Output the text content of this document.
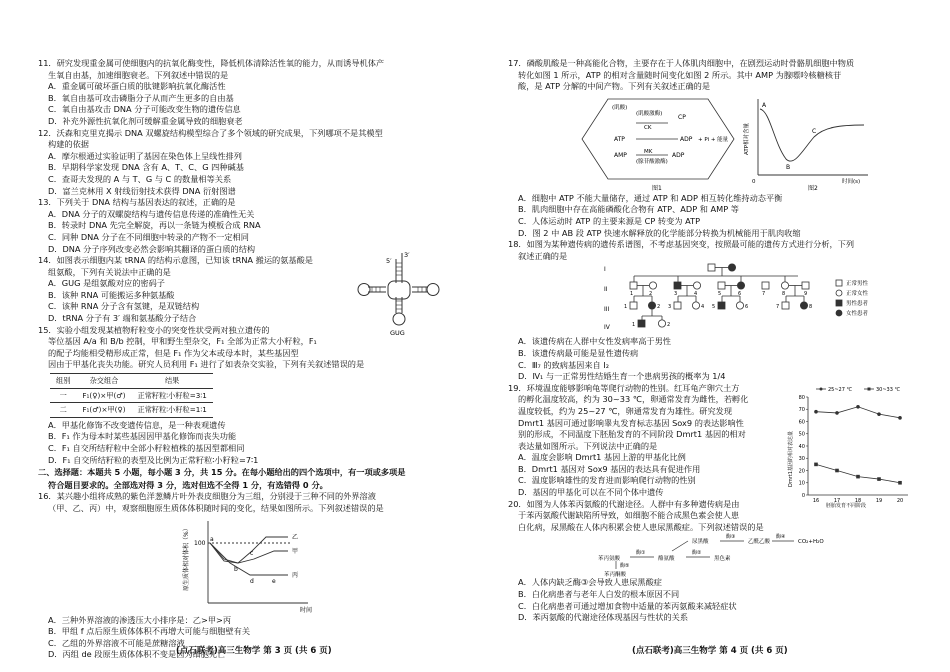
11．研究发现重金属可使细胞内的抗氧化酶变性，降低机体清除活性氧的能力，从而诱导机体产
生氧自由基，加速细胞衰老。下列叙述中错误的是
A．重金属可破坏蛋白质的肽键影响抗氧化酶活性
B．氧自由基可攻击磷脂分子从而产生更多的自由基
C．氧自由基攻击 DNA 分子可能改变生物的遗传信息
D．补充外源性抗氧化剂可缓解重金属导致的细胞衰老
12．沃森和克里克揭示 DNA 双螺旋结构模型综合了多个领域的研究成果，下列哪项不是其模型
构建的依据
A．摩尔根通过实验证明了基因在染色体上呈线性排列
B．早期科学家发现 DNA 含有 A、T、C、G 四种碱基
C．查哥夫发现的 A 与 T、G 与 C 的数量相等关系
D．富兰克林用 X 射线衍射技术获得 DNA 衍射图谱
13．下列关于 DNA 结构与基因表达的叙述，正确的是
A．DNA 分子的双螺旋结构与遗传信息传递的准确性无关
B．转录时 DNA 先完全解旋，再以一条链为模板合成 RNA
C．同种 DNA 分子在不同细胞中转录的产物不一定相同
D．DNA 分子序列改变必然会影响其翻译的蛋白质的结构
14．如图表示细胞内某 tRNA 的结构示意图，已知该 tRNA 搬运的氨基酸是
组氨酸，下列有关说法中正确的是
A．GUG 是组氨酸对应的密码子
B．该种 RNA 可能搬运多种氨基酸
C．该种 RNA 分子含有氢键，是双链结构
D．tRNA 分子有 3′ 端和氨基酸分子结合
3′
5′
GUG
15．实验小组发现某植物籽粒变小的突变性状受两对独立遗传的
等位基因 A/a 和 B/b 控制，甲和野生型杂交，F₁ 全部为正常大小籽粒，F₁
的配子均能相受精形成正常，但是 F₁ 作为父本或母本时，某些基因型
因由于甲基化丧失功能。研究人员利用 F₁ 进行了如表杂交实验，下列有关叙述错误的是
组别	杂交组合	结果
一	F₁(♀)×甲(♂)	正常籽粒∶小籽粒=3∶1
二	F₁(♂)×甲(♀)	正常籽粒∶小籽粒=1∶1
A．甲基化修饰不改变遗传信息，是一种表观遗传
B．F₁ 作为母本时某些基因因甲基化修饰而丧失功能
C．F₁ 自交所结籽粒中全部小籽粒植株的基因型都相同
D．F₁ 自交所结籽粒的表型及比例为正常籽粒∶小籽粒=7∶1
二、选择题：本题共 5 小题，每小题 3 分，共 15 分。在每小题给出的四个选项中，有一项或多项是
符合题目要求的。全部选对得 3 分，选对但选不全得 1 分，有选错得 0 分。
16．某兴趣小组将成熟的紫色洋葱鳞片叶外表皮细胞分为三组，分别浸于三种不同的外界溶液
（甲、乙、丙）中，观察细胞原生质体体积随时间的变化，结果如图所示。下列叙述错误的是
原生质体相对体积（%） 100
时间
a
b
c
d	e
乙
甲
丙
A．三种外界溶液的渗透压大小排序是：乙>甲>丙
B．甲组 f 点后原生质体体积不再增大可能与细胞壁有关
C．乙组的外界溶液不可能是蔗糖溶液
D．丙组 de 段原生质体体积不变是因为细胞死亡
(点石联考)高三生物学 第 3 页 (共 6 页)
17．磷酸肌酸是一种高能化合物，主要存在于人体肌肉细胞中，在剧烈运动时骨骼肌细胞中物质
转化如图 1 所示，ATP 的相对含量随时间变化如图 2 所示。其中 AMP 为腺嘌呤核糖核苷
酸，是 ATP 分解的中间产物。下列有关叙述正确的是
(肌酸)
(肌酸激酶)
CK
CP
ATP	ADP + Pi + 能量
MK
(腺苷酸激酶)
AMP	ADP
图1
ATP相对含量
A
B
C
0	时间(s)
图2
A．细胞中 ATP 不能大量储存，通过 ATP 和 ADP 相互转化维持动态平衡
B．肌肉细胞中存在高能磷酸化合物有 ATP、ADP 和 AMP 等
C．人体运动时 ATP 的主要来源是 CP 转变为 ATP
D．图 2 中 AB 段 ATP 快速水解释放的化学能部分转换为机械能用于肌肉收缩
18．如图为某种遗传病的遗传系谱图，不考虑基因突变，按照最可能的遗传方式进行分析，下列
叙述正确的是
I
II
III
IV
1	2	3	4	5	6	7	8	9
1	2 3	4 5	6	7	8
1	2
正常男性
正常女性
男性患者
女性患者
A．该遗传病在人群中女性发病率高于男性
B．该遗传病最可能是显性遗传病
C．Ⅲ₇ 的致病基因来自 Ⅰ₂
D．Ⅳ₁ 与一正常男性结婚生育一个患病男孩的概率为 1/4
19．环境温度能够影响龟等爬行动物的性别。红耳龟产卵穴土方
的孵化温度较高，约为 30~33 ℃，卵通常发育为雌性，若孵化
温度较低，约为 25~27 ℃，卵通常发育为雄性。研究发现
Dmrt1 基因可通过影响睾丸发育标志基因 Sox9 的表达影响性
别的形成，不同温度下胚胎发育的不同阶段 Dmrt1 基因的相对
表达量如图所示。下列说法中正确的是
A．温度会影响 Dmrt1 基因上游的甲基化比例
B．Dmrt1 基因对 Sox9 基因的表达具有促进作用
C．温度影响雄性的发育进而影响爬行动物的性别
D．基因的甲基化可以在不同个体中遗传	0
10
20
30
40
50
60
70
80
16	17	18	19	20
25~27 ℃	30~33 ℃
Dmrt1基因的相对表达量
胚胎发育不同阶段
20．如图为人体苯丙氨酸的代谢途径。人群中有多种遗传病是由
于苯丙氨酸代谢缺陷所导致，如细胞不能合成黑色素会使人患
白化病，尿黑酸在人体内积累会使人患尿黑酸症。下列叙述错误的是
苯丙氨酸
酶①
酪氨酸
酶②
黑色素
尿黑酸
酶③
乙酰乙酸
酶④
CO₂+H₂O
酶⑤
苯丙酮酸
A．人体内缺乏酶③会导致人患尿黑酸症
B．白化病患者与老年人白发的根本原因不同
C．白化病患者可通过增加食物中适量的苯丙氨酸来减轻症状
D．苯丙氨酸的代谢途径体现基因与性状的关系
(点石联考)高三生物学 第 4 页 (共 6 页)
